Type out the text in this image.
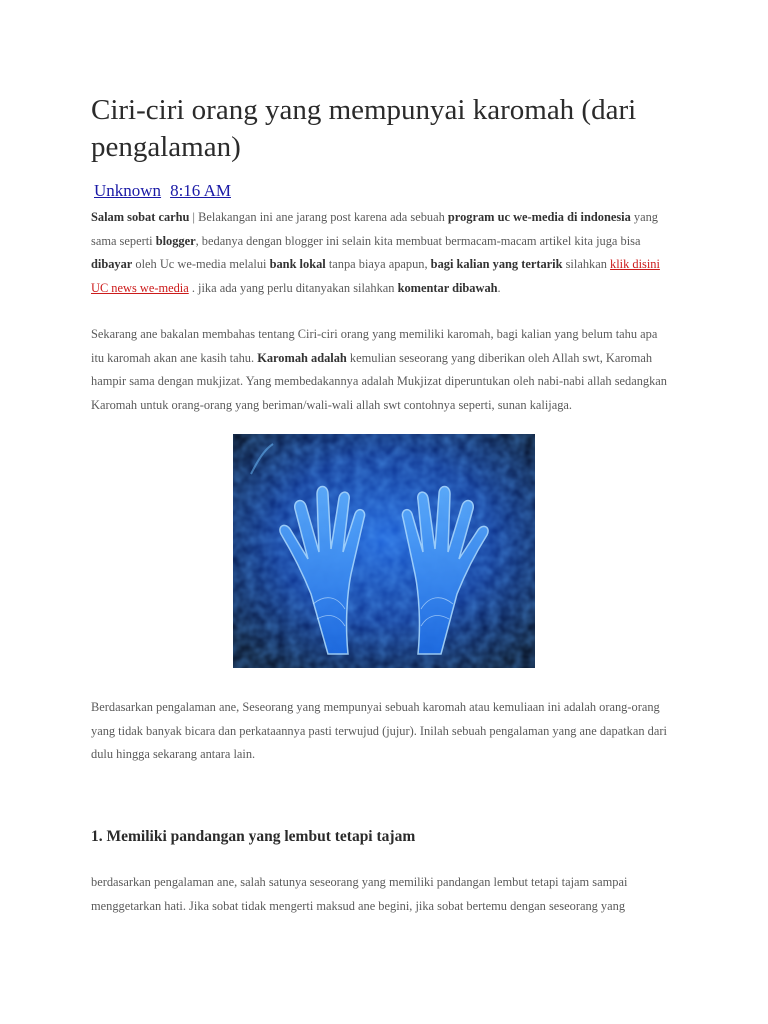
Ciri-ciri orang yang mempunyai karomah (dari pengalaman)
Unknown 8:16 AM

Salam sobat carhu | Belakangan ini ane jarang post karena ada sebuah program uc we-media di indonesia yang sama seperti blogger, bedanya dengan blogger ini selain kita membuat bermacam-macam artikel kita juga bisa dibayar oleh Uc we-media melalui bank lokal tanpa biaya apapun, bagi kalian yang tertarik silahkan klik disini UC news we-media . jika ada yang perlu ditanyakan silahkan komentar dibawah.

Sekarang ane bakalan membahas tentang Ciri-ciri orang yang memiliki karomah, bagi kalian yang belum tahu apa itu karomah akan ane kasih tahu. Karomah adalah kemulian seseorang yang diberikan oleh Allah swt, Karomah hampir sama dengan mukjizat. Yang membedakannya adalah Mukjizat diperuntukan oleh nabi-nabi allah sedangkan Karomah untuk orang-orang yang beriman/wali-wali allah swt contohnya seperti, sunan kalijaga.

Berdasarkan pengalaman ane, Seseorang yang mempunyai sebuah karomah atau kemuliaan ini adalah orang-orang yang tidak banyak bicara dan perkataannya pasti terwujud (jujur). Inilah sebuah pengalaman yang ane dapatkan dari dulu hingga sekarang antara lain.

1. Memiliki pandangan yang lembut tetapi tajam

berdasarkan pengalaman ane, salah satunya seseorang yang memiliki pandangan lembut tetapi tajam sampai menggetarkan hati. Jika sobat tidak mengerti maksud ane begini, jika sobat bertemu dengan seseorang yang
